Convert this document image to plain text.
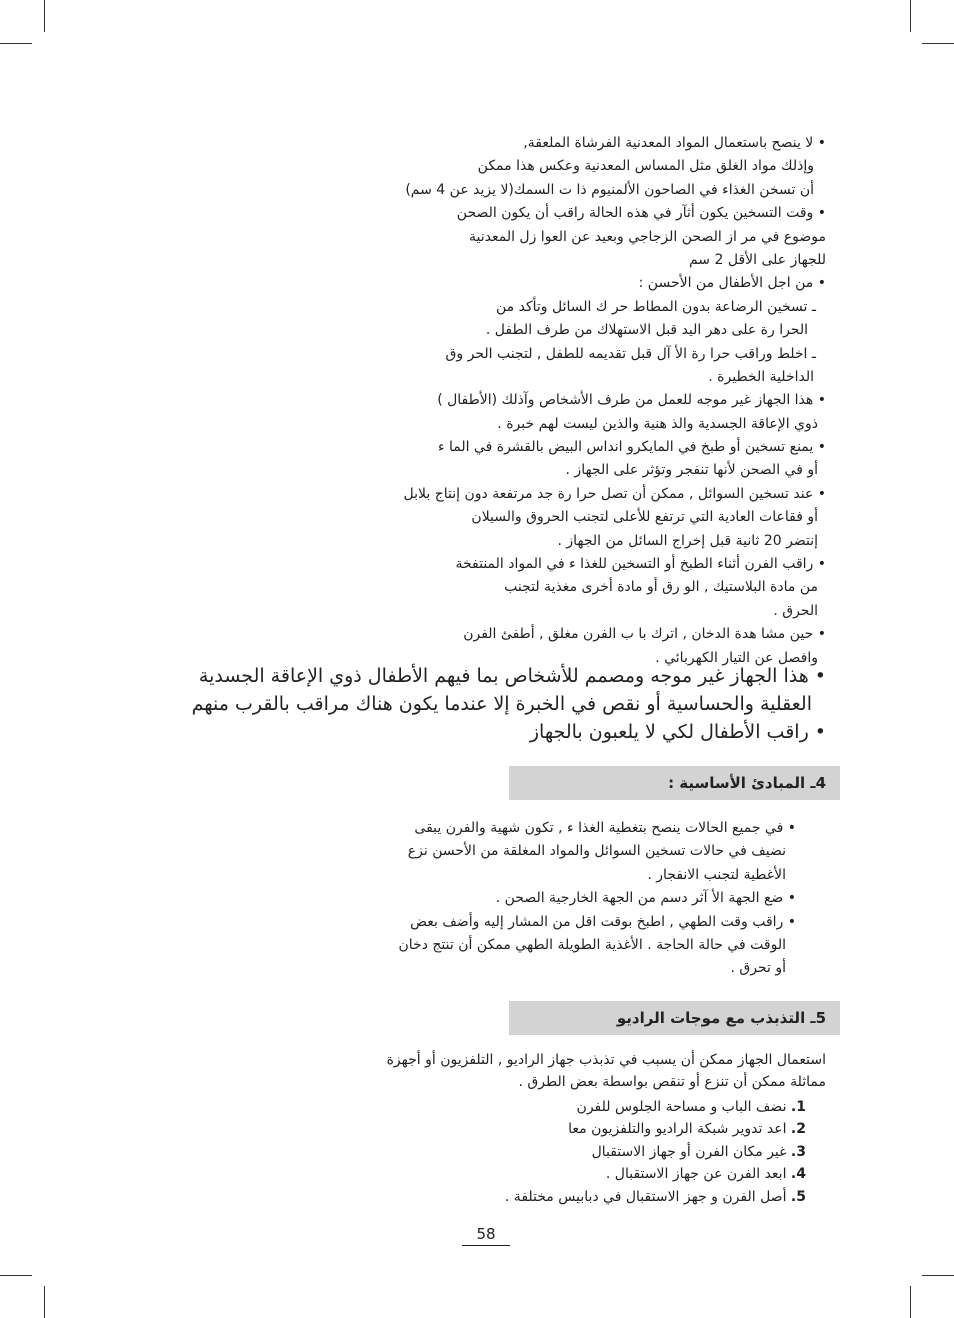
• لا ينصح باستعمال المواد المعدنية الفرشاة الملعقة,
وإذلك مواد الغلق مثل المساس المعدنية وعكس هذا ممكن
أن تسخن الغذاء في الصاحون الألمنيوم ذا ت السمك(لا يزيد عن 4 سم)
• وقت التسخين يكون أثآر في هذه الحالة راقب أن يكون الصحن
موضوع في مر از الصحن الزجاجي وبعيد عن العوا زل المعدنية
للجهاز على الأقل 2 سم
• من اجل الأطفال من الأحسن :
ـ تسخين الرضاعة بدون المطاط حر ك السائل وتأكد من
الحرا رة على دهر اليد قبل الاستهلاك من طرف الطفل .
ـ اخلط وراقب حرا رة الأ آل قبل تقديمه للطفل , لتجنب الحر وق
الداخلية الخطيرة .
• هذا الجهاز غير موجه للعمل من طرف الأشخاص وآذلك (الأطفال )
ذوي الإعاقة الجسدية والذ هنية والذين ليست لهم خبرة .
• يمنع تسخين أو طبخ في المايكرو انداس البيض بالقشرة في الما ء
أو في الصحن لأنها تنفجر وتؤثر على الجهاز .
• عند تسخين السوائل , ممكن أن تصل حرا رة جد مرتفعة دون إنتاج بلابل
أو فقاعات العادية التي ترتفع للأعلى لتجنب الحروق والسيلان
إنتضر 20 ثانية قبل إخراج السائل من الجهاز .
• راقب الفرن أثناء الطبخ أو التسخين للغذا ء في المواد المنتفخة
من مادة البلاستيك , الو رق أو مادة أخرى مغذية لتجنب
الحرق .
• حين مشا هدة الدخان , اترك با ب الفرن مغلق , أطفئ الفرن
وافصل عن التيار الكهربائي .
• هذا الجهاز غير موجه ومصمم للأشخاص بما فيهم الأطفال ذوي الإعاقة الجسدية
العقلية والحساسية أو نقص في الخبرة إلا عندما يكون هناك مراقب بالقرب منهم
• راقب الأطفال لكي لا يلعبون بالجهاز
4ـ المبادئ الأساسية :
• في جميع الحالات ينصح بتغطية الغذا ء , تكون شهية والفرن يبقى
نضيف في حالات تسخين السوائل والمواد المغلقة من الأحسن نزع
الأغطية لتجنب الانفجار .
• ضع الجهة الأ آثر دسم من الجهة الخارجية الصحن .
• راقب وقت الطهي , اطبخ بوقت اقل من المشار إليه وأضف بعض
الوقت في حالة الحاجة . الأغذية الطويلة الطهي ممكن أن تنتج دخان
أو تحرق .
5ـ التذبذب مع موجات الراديو
استعمال الجهاز ممكن أن يسبب في تذبذب جهاز الراديو , التلفزيون أو أجهزة
مماثلة ممكن أن تنزع أو تنقص بواسطة بعض الطرق .
1. نضف الباب و مساحة الجلوس للفرن
2. اعد تدوير شبكة الراديو والتلفزيون معا
3. غير مكان الفرن أو جهاز الاستقبال
4. ابعد الفرن عن جهاز الاستقبال .
5. أصل الفرن و جهز الاستقبال في دبابيس مختلفة .
58
